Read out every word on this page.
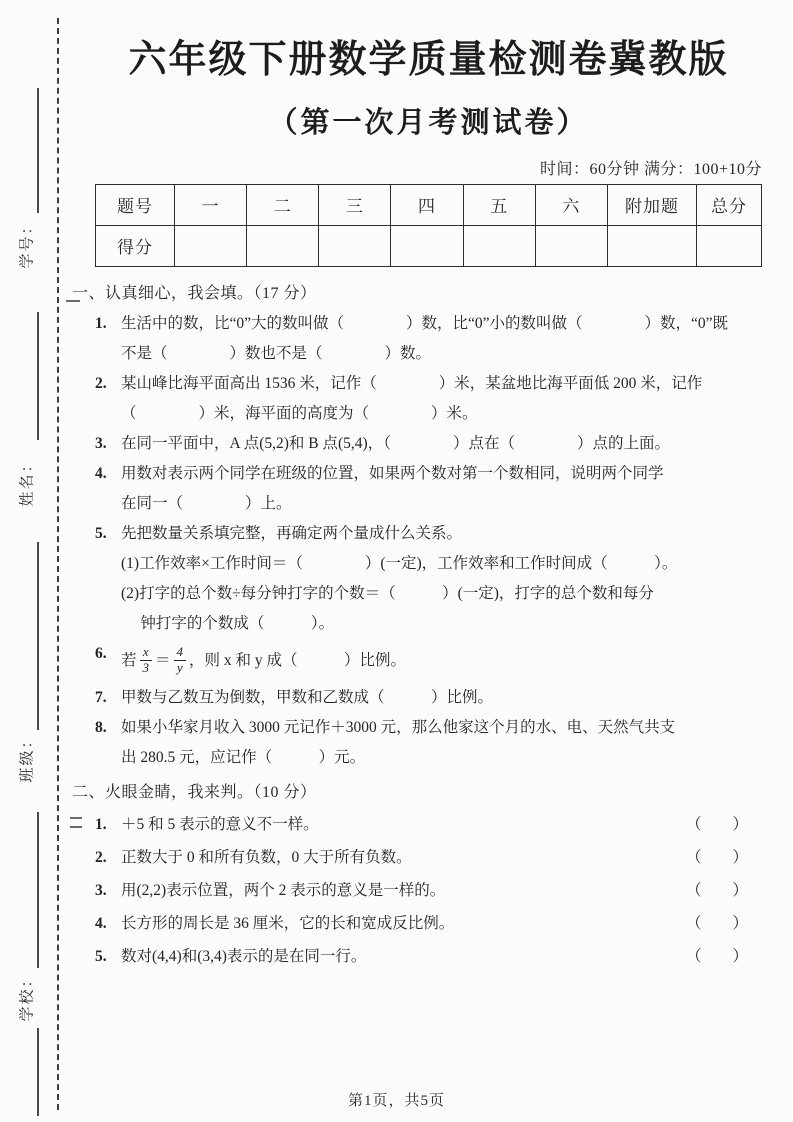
学号：
姓名：
班级：
学校：
六年级下册数学质量检测卷冀教版
（第一次月考测试卷）
时间：60分钟 满分：100+10分
题号	一	二	三	四	五	六	附加题	总分
得分								
一、认真细心，我会填。（17 分）
1. 生活中的数，比“0”大的数叫做（　　　　）数，比“0”小的数叫做（　　　　）数，“0”既
不是（　　　　）数也不是（　　　　）数。
2. 某山峰比海平面高出 1536 米，记作（　　　　）米，某盆地比海平面低 200 米，记作
（　　　　）米，海平面的高度为（　　　　）米。
3. 在同一平面中，A 点(5,2)和 B 点(5,4)，（　　　　）点在（　　　　）点的上面。
4. 用数对表示两个同学在班级的位置，如果两个数对第一个数相同，说明两个同学
在同一（　　　　）上。
5. 先把数量关系填完整，再确定两个量成什么关系。
(1)工作效率×工作时间＝（　　　　）(一定)，工作效率和工作时间成（　　　）。
(2)打字的总个数÷每分钟打字的个数＝（　　　）(一定)，打字的总个数和每分
　 钟打字的个数成（　　　）。
6. 若 $\frac{x}{3} = \frac{4}{y}$ ，则 x 和 y 成（　　　）比例。
7. 甲数与乙数互为倒数，甲数和乙数成（　　　）比例。
8. 如果小华家月收入 3000 元记作＋3000 元，那么他家这个月的水、电、天然气共支
出 280.5 元，应记作（　　　）元。
二、火眼金睛，我来判。（10 分）
1. ＋5 和 5 表示的意义不一样。	（　　）
2. 正数大于 0 和所有负数，0 大于所有负数。	（　　）
3. 用(2,2)表示位置，两个 2 表示的意义是一样的。	（　　）
4. 长方形的周长是 36 厘米，它的长和宽成反比例。	（　　）
5. 数对(4,4)和(3,4)表示的是在同一行。	（　　）
第1页，共5页
